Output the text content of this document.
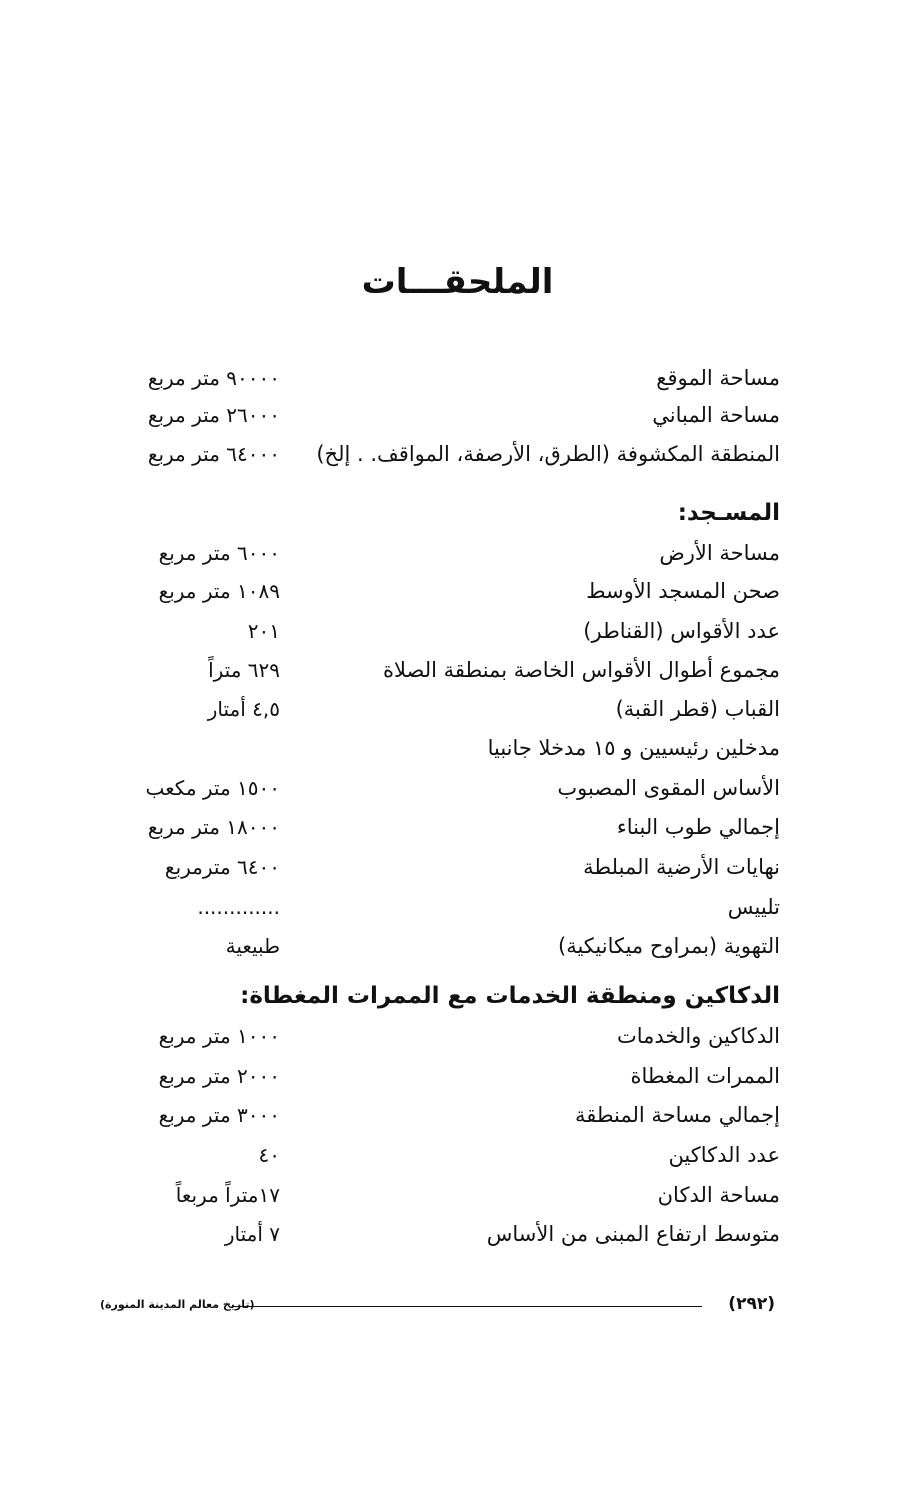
الملحقـــات
مساحة الموقع
٩٠٠٠٠ متر مربع
مساحة المباني
٢٦٠٠٠ متر مربع
المنطقة المكشوفة (الطرق، الأرصفة، المواقف. . إلخ)
٦٤٠٠٠ متر مربع
المسـجد:
مساحة الأرض
٦٠٠٠ متر مربع
صحن المسجد الأوسط
١٠٨٩ متر مربع
عدد الأقواس (القناطر)
٢٠١
مجموع أطوال الأقواس الخاصة بمنطقة الصلاة
٦٢٩ متراً
القباب (قطر القبة)
٤,٥ أمتار
مدخلين رئيسيين و ١٥ مدخلا جانبيا
الأساس المقوى المصبوب
١٥٠٠ متر مكعب
إجمالي طوب البناء
١٨٠٠٠ متر مربع
نهايات الأرضية المبلطة
٦٤٠٠ مترمربع
تلييس
.............
التهوية (بمراوح ميكانيكية)
طبيعية
الدكاكين ومنطقة الخدمات مع الممرات المغطاة:
الدكاكين والخدمات
١٠٠٠ متر مربع
الممرات المغطاة
٢٠٠٠ متر مربع
إجمالي مساحة المنطقة
٣٠٠٠ متر مربع
عدد الدكاكين
٤٠
مساحة الدكان
١٧متراً مربعاً
متوسط ارتفاع المبنى من الأساس
٧ أمتار
(٢٩٢)
(تاريخ معالم المدينة المنورة)
